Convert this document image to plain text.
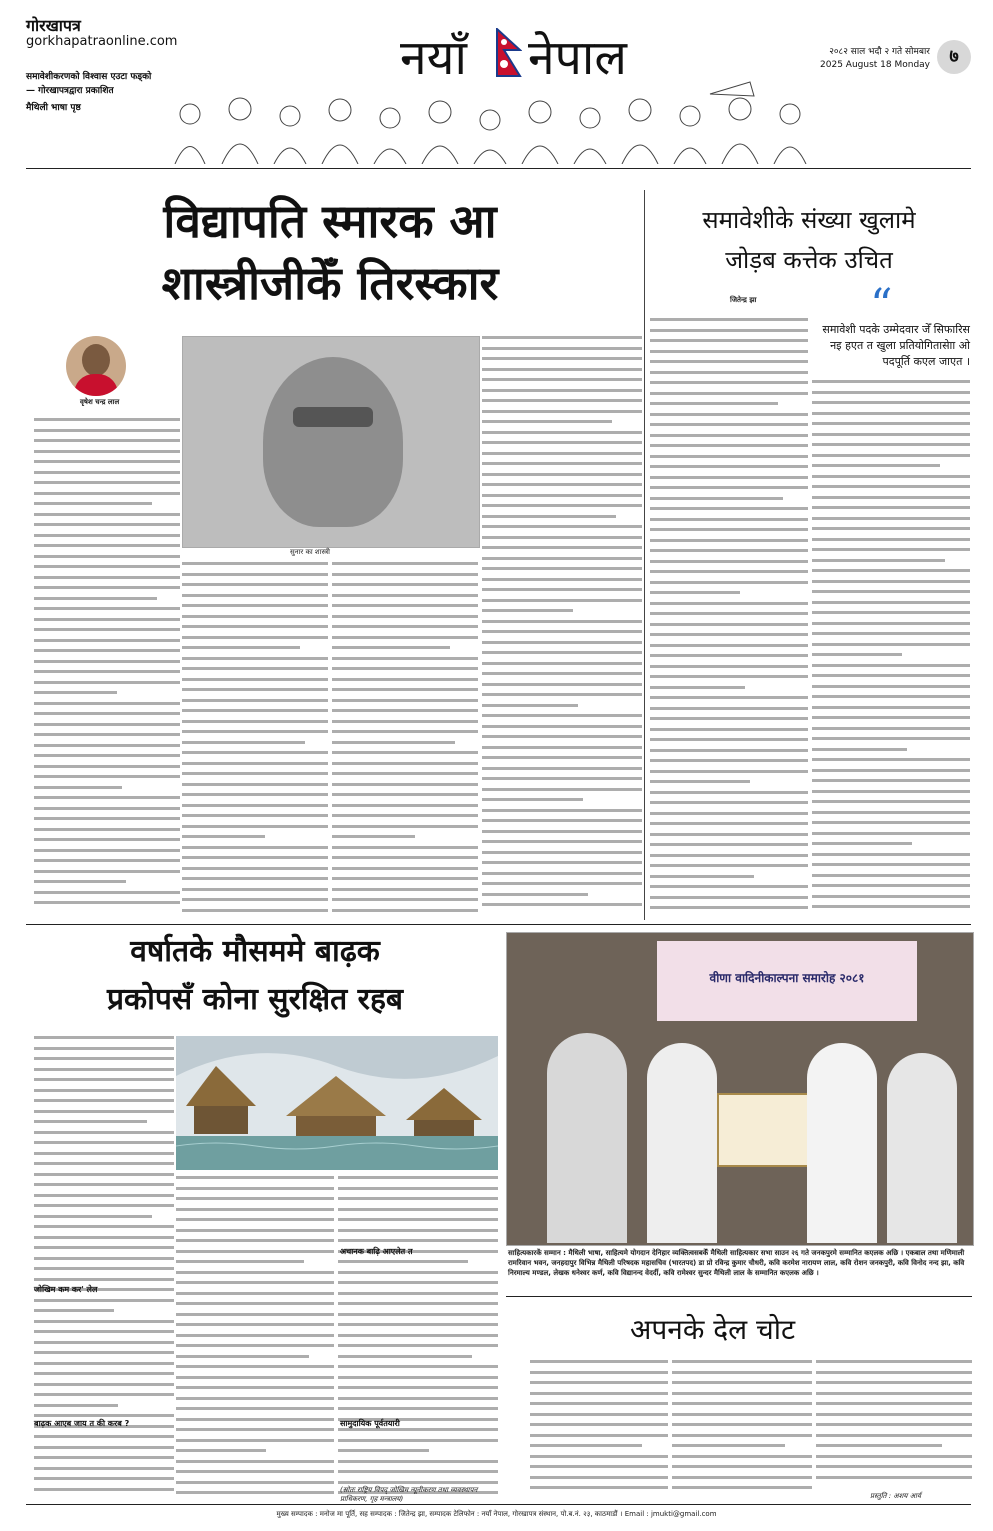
गोरखापत्र
gorkhapatraonline.com
समावेशीकरणको विश्वास एउटा फड्को — गोरखापत्रद्वारा प्रकाशित
मैथिली भाषा पृष्ठ
नयाँ नेपाल	२०८२ साल भदौ २ गते सोमबार
2025 August 18 Monday	७
विद्यापति स्मारक आ
शास्त्रीजीकेँ तिरस्कार
वृषेश चन्द्र लाल
सुनार का शास्त्री
समावेशीके संख्या खुलामे
जोड़ब कत्तेक उचित
जितेन्द्र झा	“
समावेशी पदके उम्मेदवार जेँ सिफारिस नइ हएत त खुला प्रतियोगितासेाा ओ पदपूर्ति कएल जाएत ।
वर्षातके मौसममे बाढ़क
प्रकोपसँ कोना सुरक्षित रहब
जोखिम कम कर' लेल
बाढ़क आएब जाय त की करब ?
अचानक बाढ़ि आएलेत त
सामुदायिक पूर्वतयारी
(स्रोतः राष्ट्रिय विपद् जोखिम न्यूनीकरण तथा व्यवस्थापन प्राधिकरण, गृह मन्त्रालय)
वीणा वादिनीकाल्पना समारोह २०८१
साहित्यकारकें सम्मान : मैथिली भाषा, साहित्यमे योगदान देनिहार व्यक्तित्वसबकेँ मैथिली साहित्यकार सभा साउन २६ गते जनकपुरमे सम्मानित कएलक अछि । एकबाल तथा मणिमाली रामरिवान भवन, जनहदापुर विभिन्न मैथिली परिषदक महासचिव (भारतपद) डा प्रो रविन्द्र कुमार चौधरी, कवि करमेश नारायण लाल, कवि रोशन जनकपुरी, कवि विनोद नन्द झा, कवि निरमाल्य मण्डल, लेखक धनेश्वर कर्ण, कवि विद्यानन्द वेदर्दी, कवि रामेश्वर सुन्दर मैथिली लाल के सम्मानित कएलक अछि ।
अपनके देल चोट
प्रस्तुति : अशय आर्य
मुख्य सम्पादक : मनोज मा पूर्ति, सह सम्पादक : जितेन्द्र झा, सम्पादक टेलिफोन : नयाँ नेपाल, गोरखापत्र संस्थान, पो.ब.नं. २३, काठमाडौं । Email : jmukti@gmail.com
